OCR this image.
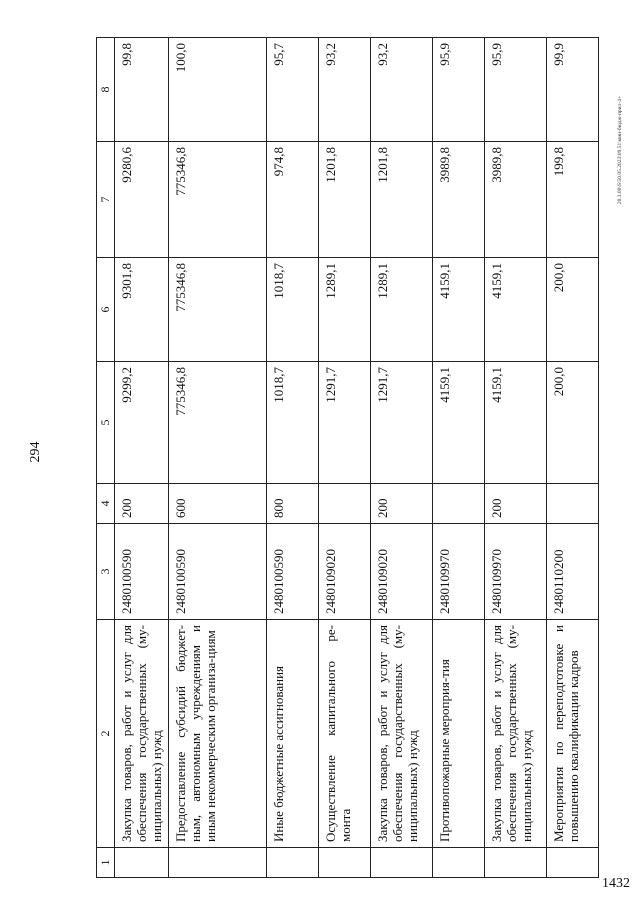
294
20.3.00\S\50.05.2023\09.51\мин-бюдж-прил-4+
1432
1	2	3	4	5	6	7	8
	Закупка товаров, работ и услуг для обеспечения государственных (му-ниципальных) нужд	2480100590	200	9299,2	9301,8	9280,6	99,8
	Предоставление субсидий бюджет-ным, автономным учреждениям и иным некоммерческим организа-циям	2480100590	600	775346,8	775346,8	775346,8	100,0
	Иные бюджетные ассигнования	2480100590	800	1018,7	1018,7	974,8	95,7
	Осуществление капитального ре-монта	2480109020		1291,7	1289,1	1201,8	93,2
	Закупка товаров, работ и услуг для обеспечения государственных (му-ниципальных) нужд	2480109020	200	1291,7	1289,1	1201,8	93,2
	Противопожарные мероприя-тия	2480109970		4159,1	4159,1	3989,8	95,9
	Закупка товаров, работ и услуг для обеспечения государственных (му-ниципальных) нужд	2480109970	200	4159,1	4159,1	3989,8	95,9
	Мероприятия по переподготовке и повышению квалификации кадров	2480110200		200,0	200,0	199,8	99,9
